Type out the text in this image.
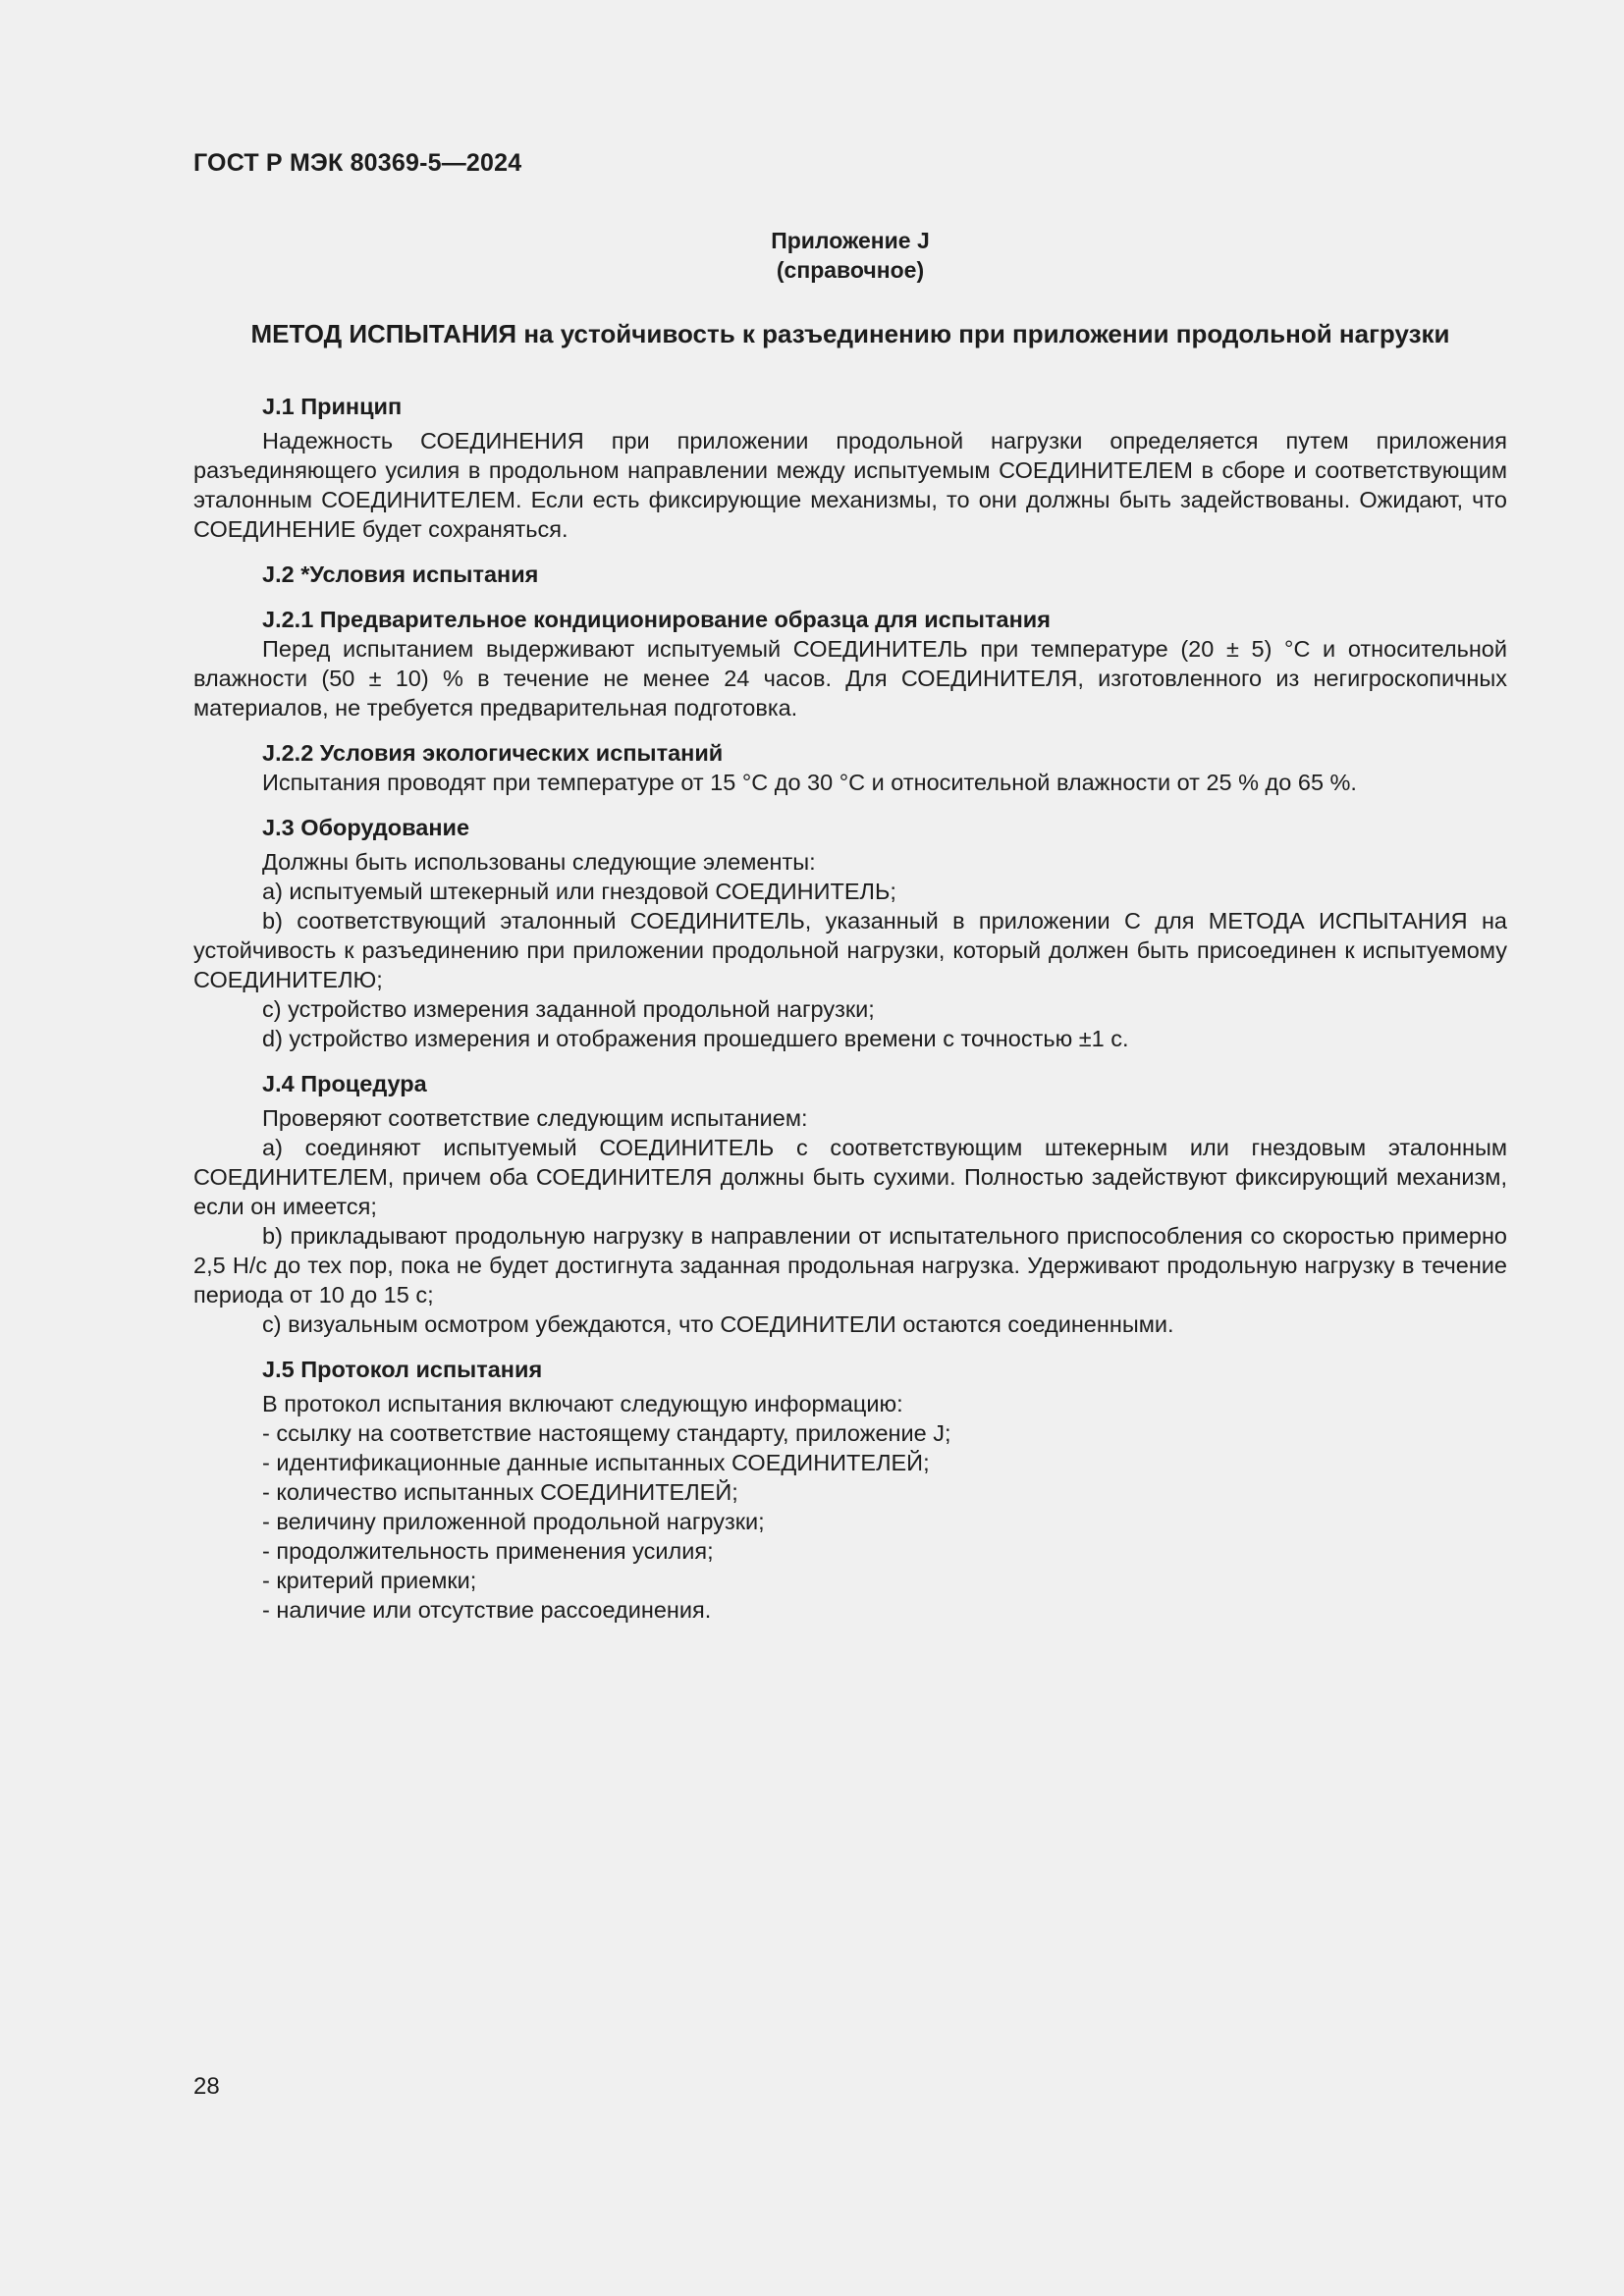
ГОСТ Р МЭК 80369-5—2024
Приложение J
(справочное)
МЕТОД ИСПЫТАНИЯ на устойчивость к разъединению при приложении продольной нагрузки

J.1 Принцип

Надежность СОЕДИНЕНИЯ при приложении продольной нагрузки определяется путем приложения разъединяющего усилия в продольном направлении между испытуемым СОЕДИНИТЕЛЕМ в сборе и соответствующим эталонным СОЕДИНИТЕЛЕМ. Если есть фиксирующие механизмы, то они должны быть задействованы. Ожидают, что СОЕДИНЕНИЕ будет сохраняться.

J.2 *Условия испытания

J.2.1 Предварительное кондиционирование образца для испытания

Перед испытанием выдерживают испытуемый СОЕДИНИТЕЛЬ при температуре (20 ± 5) °С и относительной влажности (50 ± 10) % в течение не менее 24 часов. Для СОЕДИНИТЕЛЯ, изготовленного из негигроскопичных материалов, не требуется предварительная подготовка.

J.2.2 Условия экологических испытаний

Испытания проводят при температуре от 15 °С до 30 °С и относительной влажности от 25 % до 65 %.

J.3 Оборудование

Должны быть использованы следующие элементы:

a) испытуемый штекерный или гнездовой СОЕДИНИТЕЛЬ;

b) соответствующий эталонный СОЕДИНИТЕЛЬ, указанный в приложении С для МЕТОДА ИСПЫТАНИЯ на устойчивость к разъединению при приложении продольной нагрузки, который должен быть присоединен к испытуемому СОЕДИНИТЕЛЮ;

c) устройство измерения заданной продольной нагрузки;

d) устройство измерения и отображения прошедшего времени с точностью ±1 с.

J.4 Процедура

Проверяют соответствие следующим испытанием:

a) соединяют испытуемый СОЕДИНИТЕЛЬ с соответствующим штекерным или гнездовым эталонным СОЕДИНИТЕЛЕМ, причем оба СОЕДИНИТЕЛЯ должны быть сухими. Полностью задействуют фиксирующий механизм, если он имеется;

b) прикладывают продольную нагрузку в направлении от испытательного приспособления со скоростью примерно 2,5 Н/с до тех пор, пока не будет достигнута заданная продольная нагрузка. Удерживают продольную нагрузку в течение периода от 10 до 15 с;

c) визуальным осмотром убеждаются, что СОЕДИНИТЕЛИ остаются соединенными.

J.5 Протокол испытания

В протокол испытания включают следующую информацию:

- ссылку на соответствие настоящему стандарту, приложение J;

- идентификационные данные испытанных СОЕДИНИТЕЛЕЙ;

- количество испытанных СОЕДИНИТЕЛЕЙ;

- величину приложенной продольной нагрузки;

- продолжительность применения усилия;

- критерий приемки;

- наличие или отсутствие рассоединения.

28
